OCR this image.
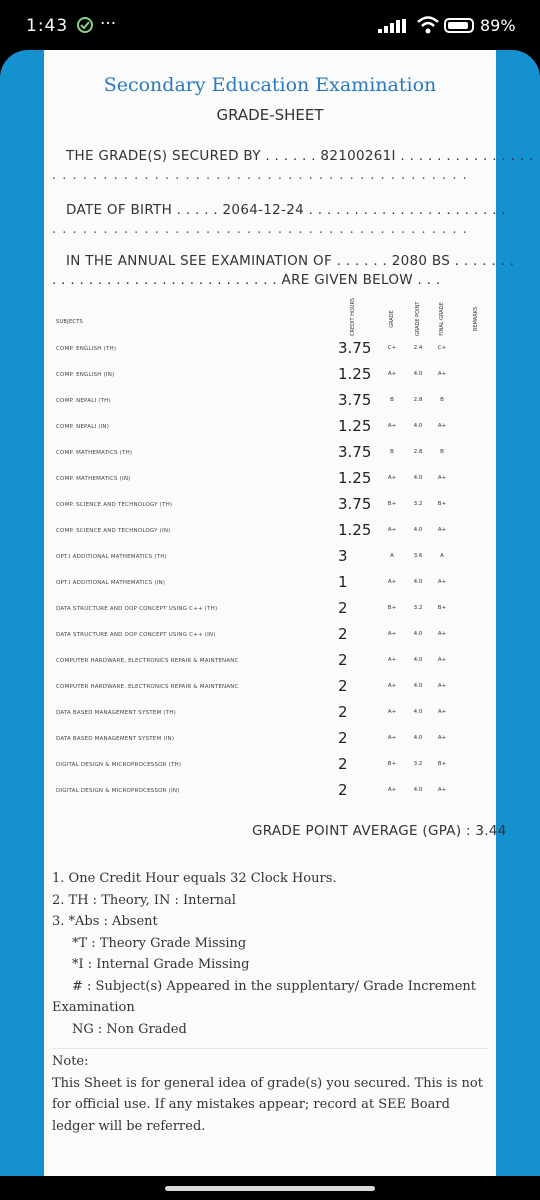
1:43 ···	89%
Secondary Education Examination
GRADE-SHEET
THE GRADE(S) SECURED BY . . . . . . 82100261I . . . . . . . . . . . . . . .
. . . . . . . . . . . . . . . . . . . . . . . . . . . . . . . . . . . . . . . . .
DATE OF BIRTH . . . . . 2064-12-24 . . . . . . . . . . . . . . . . . . . . . .
. . . . . . . . . . . . . . . . . . . . . . . . . . . . . . . . . . . . . . . . .
IN THE ANNUAL SEE EXAMINATION OF . . . . . . 2080 BS . . . . . . .
. . . . . . . . . . . . . . . . . . . . . . . . . ARE GIVEN BELOW . . .
SUBJECTS	CREDIT HOURS	GRADE	GRADE POINT	FINAL GRADE	REMARKS
COMP. ENGLISH (TH)	3.75	C+	2.4	C+
COMP. ENGLISH (IN)	1.25	A+	4.0	A+
COMP. NEPALI (TH)	3.75	B	2.8	B
COMP. NEPALI (IN)	1.25	A+	4.0	A+
COMP. MATHEMATICS (TH)	3.75	B	2.8	B
COMP. MATHEMATICS (IN)	1.25	A+	4.0	A+
COMP. SCIENCE AND TECHNOLOGY (TH)	3.75	B+	3.2	B+
COMP. SCIENCE AND TECHNOLOGY (IN)	1.25	A+	4.0	A+
OPT.I ADDITIONAL MATHEMATICS (TH)	3	A	3.6	A
OPT.I ADDITIONAL MATHEMATICS (IN)	1	A+	4.0	A+
DATA STRUCTURE AND OOP CONCEPT USING C++ (TH)	2	B+	3.2	B+
DATA STRUCTURE AND OOP CONCEPT USING C++ (IN)	2	A+	4.0	A+
COMPUTER HARDWARE, ELECTRONICS REPAIR & MAINTENANC	2	A+	4.0	A+
COMPUTER HARDWARE, ELECTRONICS REPAIR & MAINTENANC	2	A+	4.0	A+
DATA BASED MANAGEMENT SYSTEM (TH)	2	A+	4.0	A+
DATA BASED MANAGEMENT SYSTEM (IN)	2	A+	4.0	A+
DIGITAL DESIGN & MICROPROCESSOR (TH)	2	B+	3.2	B+
DIGITAL DESIGN & MICROPROCESSOR (IN)	2	A+	4.0	A+
GRADE POINT AVERAGE (GPA) : 3.44
1. One Credit Hour equals 32 Clock Hours.
2. TH : Theory, IN : Internal
3. *Abs : Absent
*T : Theory Grade Missing
*I : Internal Grade Missing
# : Subject(s) Appeared in the supplentary/ Grade Increment
Examination
NG : Non Graded
Note:
This Sheet is for general idea of grade(s) you secured. This is not for official use. If any mistakes appear; record at SEE Board ledger will be referred.
